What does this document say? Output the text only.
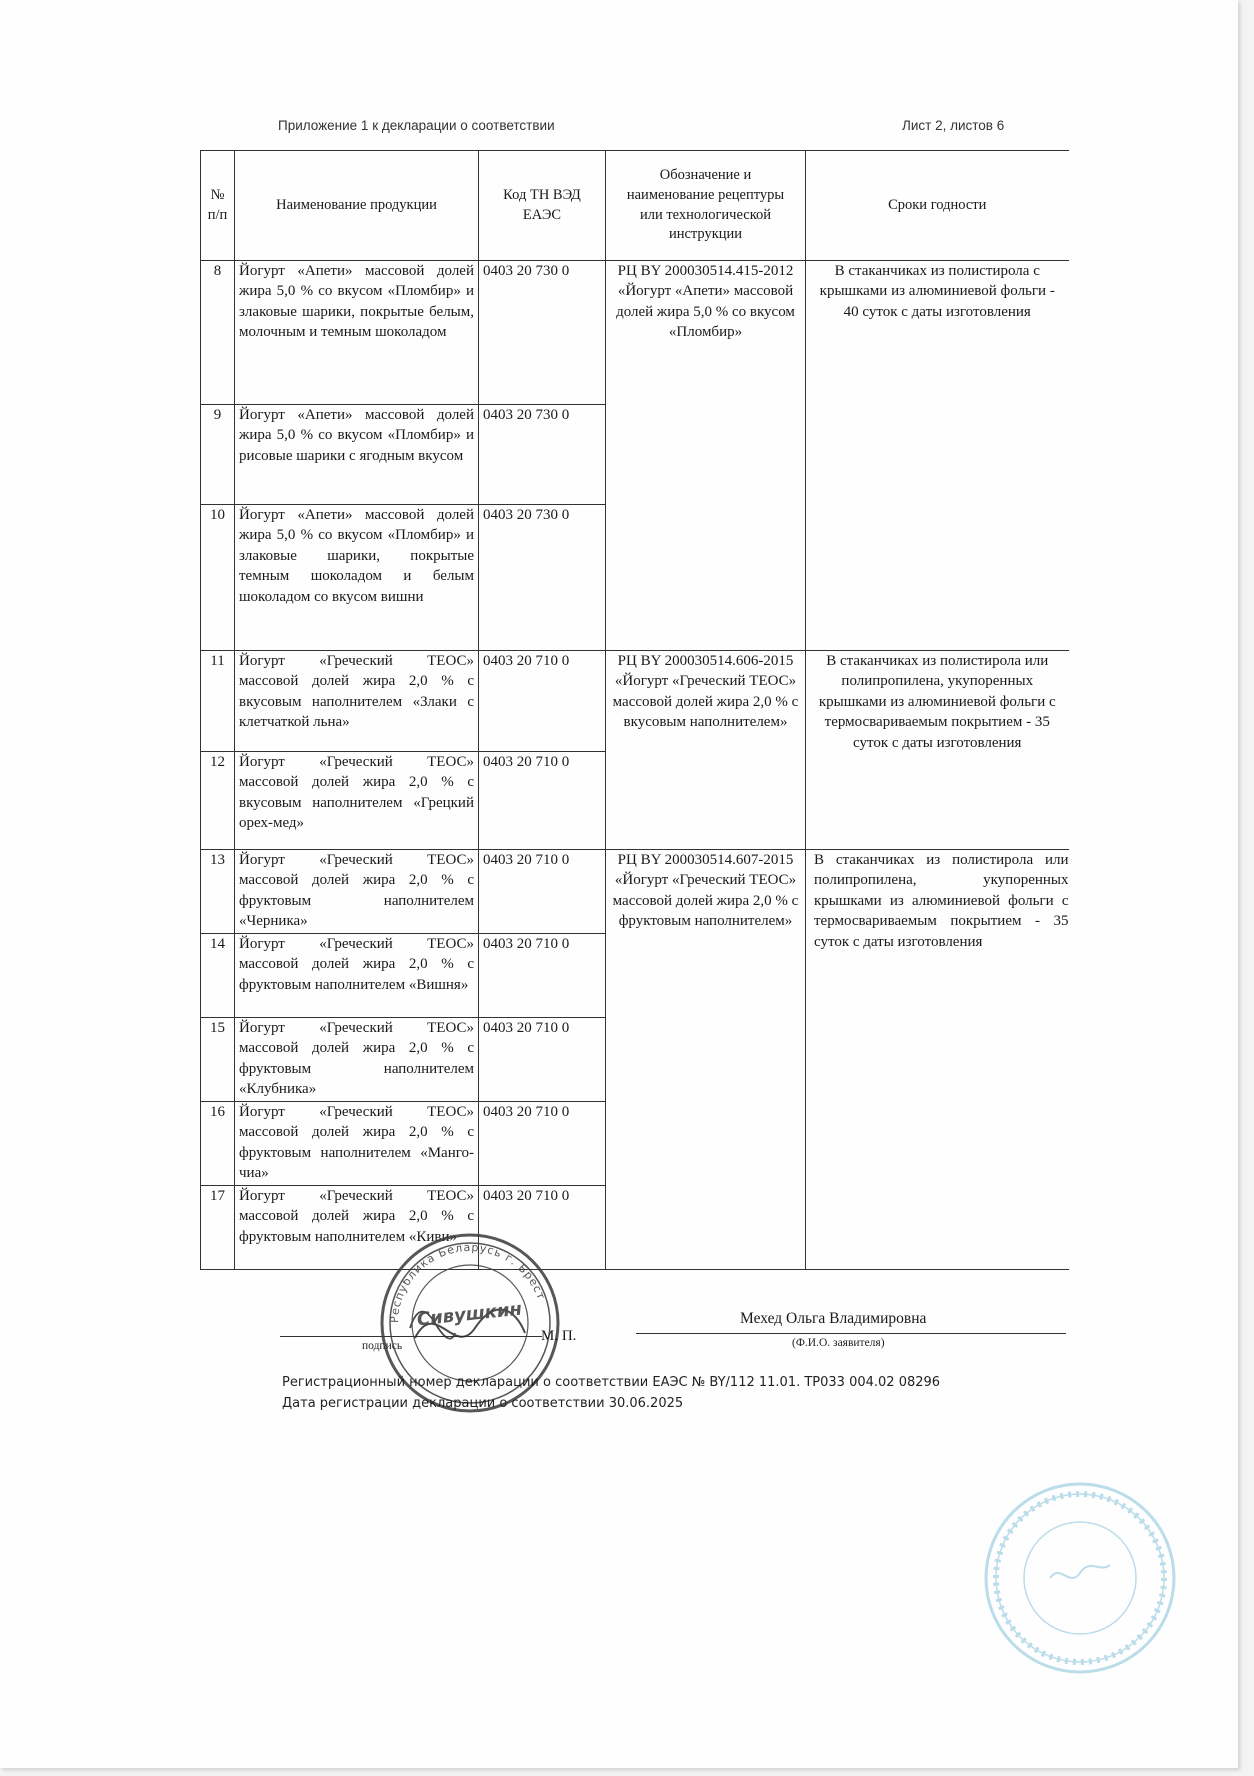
Приложение 1 к декларации о соответствии	Лист 2, листов 6
№ п/п	Наименование продукции	Код ТН ВЭД ЕАЭС	Обозначение и наименование рецептуры или технологической инструкции	Сроки годности
8	Йогурт «Апети» массовой долей жира 5,0 % со вкусом «Пломбир» и злаковые шарики, покрытые белым, молочным и темным шоколадом	0403 20 730 0	РЦ BY 200030514.415-2012 «Йогурт «Апети» массовой долей жира 5,0 % со вкусом «Пломбир»	В стаканчиках из полистирола с крышками из алюминиевой фольги - 40 суток с даты изготовления
9	Йогурт «Апети» массовой долей жира 5,0 % со вкусом «Пломбир» и рисовые шарики с ягодным вкусом	0403 20 730 0		
10	Йогурт «Апети» массовой долей жира 5,0 % со вкусом «Пломбир» и злаковые шарики, покрытые темным шоколадом и белым шоколадом со вкусом вишни	0403 20 730 0		
11	Йогурт «Греческий ТЕОС» массовой долей жира 2,0 % с вкусовым наполнителем «Злаки с клетчаткой льна»	0403 20 710 0	РЦ BY 200030514.606-2015 «Йогурт «Греческий ТЕОС» массовой долей жира 2,0 % с вкусовым наполнителем»	В стаканчиках из полистирола или полипропилена, укупоренных крышками из алюминиевой фольги с термосвариваемым покрытием - 35 суток с даты изготовления
12	Йогурт «Греческий ТЕОС» массовой долей жира 2,0 % с вкусовым наполнителем «Грецкий орех-мед»	0403 20 710 0		
13	Йогурт «Греческий ТЕОС» массовой долей жира 2,0 % с фруктовым наполнителем «Черника»	0403 20 710 0	РЦ BY 200030514.607-2015 «Йогурт «Греческий ТЕОС» массовой долей жира 2,0 % с фруктовым наполнителем»	В стаканчиках из полистирола или полипропилена, укупоренных крышками из алюминиевой фольги с термосвариваемым покрытием - 35 суток с даты изготовления
14	Йогурт «Греческий ТЕОС» массовой долей жира 2,0 % с фруктовым наполнителем «Вишня»	0403 20 710 0		
15	Йогурт «Греческий ТЕОС» массовой долей жира 2,0 % с фруктовым наполнителем «Клубника»	0403 20 710 0		
16	Йогурт «Греческий ТЕОС» массовой долей жира 2,0 % с фруктовым наполнителем «Манго-чиа»	0403 20 710 0		
17	Йогурт «Греческий ТЕОС» массовой долей жира 2,0 % с фруктовым наполнителем «Киви»	0403 20 710 0		
подпись
Республика Беларусь г. Брест
Сивушкин
М. П.
Мехед Ольга Владимировна
(Ф.И.О. заявителя)
Регистрационный номер декларации о соответствии ЕАЭС № BY/112 11.01. ТР033 004.02 08296
Дата регистрации декларации о соответствии 30.06.2025
